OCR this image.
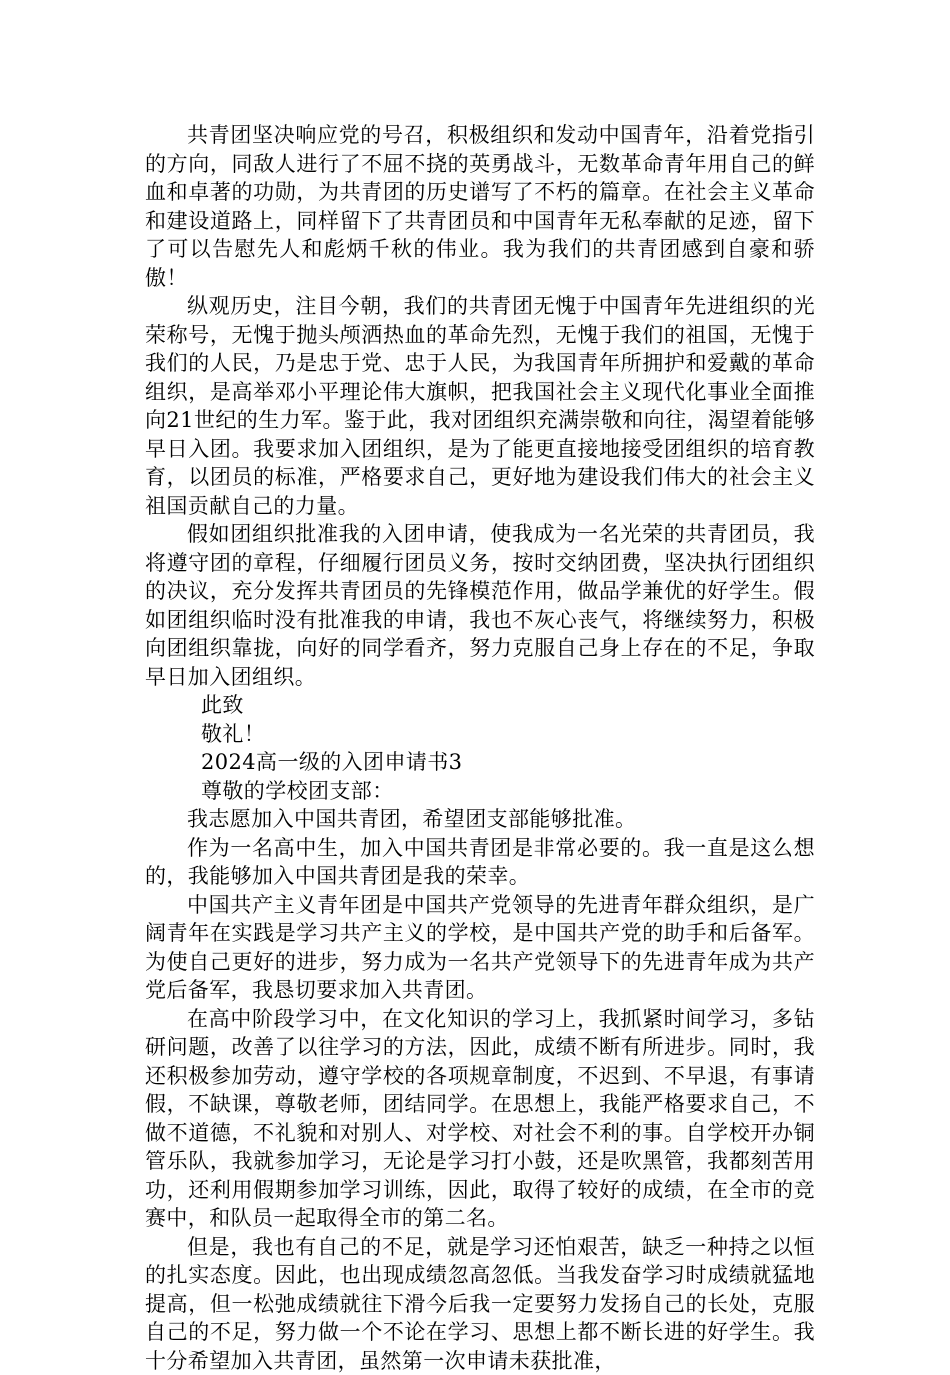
共青团坚决响应党的号召，积极组织和发动中国青年，沿着党指引的方向，同敌人进行了不屈不挠的英勇战斗，无数革命青年用自己的鲜血和卓著的功勋，为共青团的历史谱写了不朽的篇章。在社会主义革命和建设道路上，同样留下了共青团员和中国青年无私奉献的足迹，留下了可以告慰先人和彪炳千秋的伟业。我为我们的共青团感到自豪和骄傲！

纵观历史，注目今朝，我们的共青团无愧于中国青年先进组织的光荣称号，无愧于抛头颅洒热血的革命先烈，无愧于我们的祖国，无愧于我们的人民，乃是忠于党、忠于人民，为我国青年所拥护和爱戴的革命组织，是高举邓小平理论伟大旗帜，把我国社会主义现代化事业全面推向21世纪的生力军。鉴于此，我对团组织充满崇敬和向往，渴望着能够早日入团。我要求加入团组织，是为了能更直接地接受团组织的培育教育，以团员的标准，严格要求自己，更好地为建设我们伟大的社会主义祖国贡献自己的力量。

假如团组织批准我的入团申请，使我成为一名光荣的共青团员，我将遵守团的章程，仔细履行团员义务，按时交纳团费，坚决执行团组织的决议，充分发挥共青团员的先锋模范作用，做品学兼优的好学生。假如团组织临时没有批准我的申请，我也不灰心丧气，将继续努力，积极向团组织靠拢，向好的同学看齐，努力克服自己身上存在的不足，争取早日加入团组织。

此致

敬礼！

2024高一级的入团申请书3

尊敬的学校团支部：

我志愿加入中国共青团，希望团支部能够批准。

作为一名高中生，加入中国共青团是非常必要的。我一直是这么想的，我能够加入中国共青团是我的荣幸。

中国共产主义青年团是中国共产党领导的先进青年群众组织，是广阔青年在实践是学习共产主义的学校，是中国共产党的助手和后备军。为使自己更好的进步，努力成为一名共产党领导下的先进青年成为共产党后备军，我恳切要求加入共青团。

在高中阶段学习中，在文化知识的学习上，我抓紧时间学习，多钻研问题，改善了以往学习的方法，因此，成绩不断有所进步。同时，我还积极参加劳动，遵守学校的各项规章制度，不迟到、不早退，有事请假，不缺课，尊敬老师，团结同学。在思想上，我能严格要求自己，不做不道德，不礼貌和对别人、对学校、对社会不利的事。自学校开办铜管乐队，我就参加学习，无论是学习打小鼓，还是吹黑管，我都刻苦用功，还利用假期参加学习训练，因此，取得了较好的成绩，在全市的竞赛中，和队员一起取得全市的第二名。

但是，我也有自己的不足，就是学习还怕艰苦，缺乏一种持之以恒的扎实态度。因此，也出现成绩忽高忽低。当我发奋学习时成绩就猛地提高，但一松弛成绩就往下滑今后我一定要努力发扬自己的长处，克服自己的不足，努力做一个不论在学习、思想上都不断长进的好学生。我十分希望加入共青团，虽然第一次申请未获批准，
